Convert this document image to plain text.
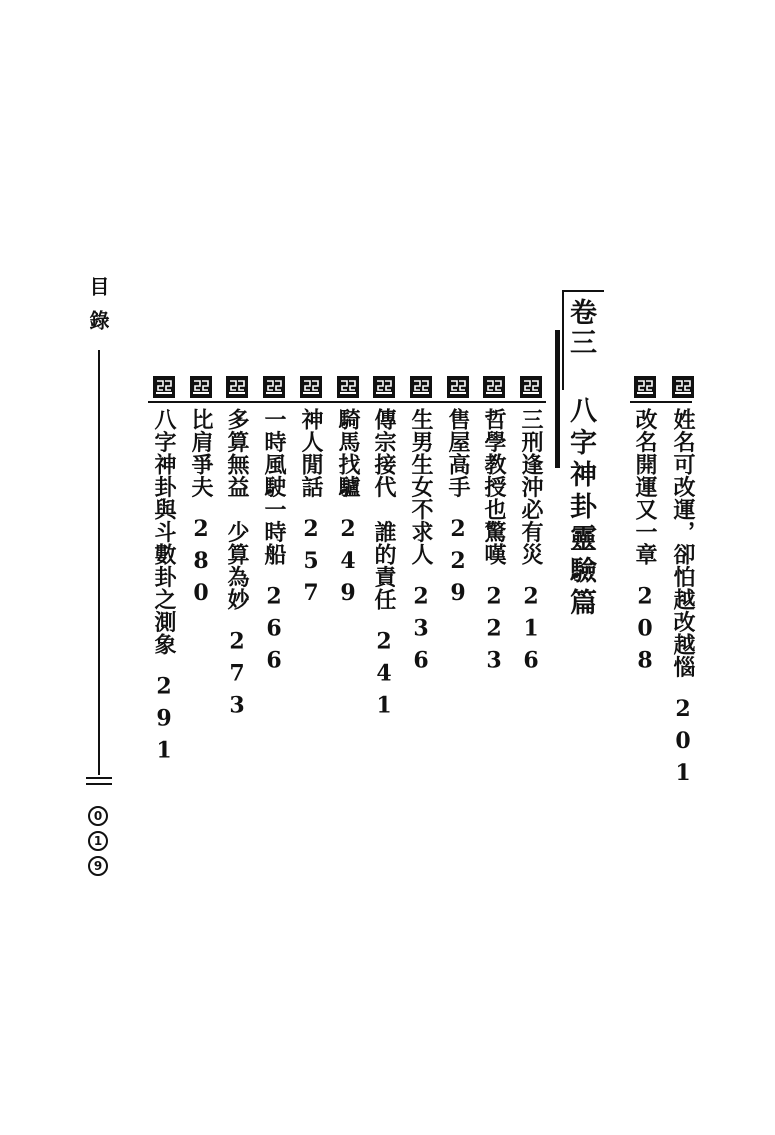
目錄
0
1
9
卷三
八字神卦靈驗篇	姓名可改運，卻怕越改越惱201
改名開運又一章208
三刑逢沖必有災216
哲學教授也驚嘆223
售屋高手229
生男生女不求人236
傳宗接代　誰的責任241
騎馬找驢249
神人閒話257
一時風駛一時船266
多算無益　少算為妙273
比肩爭夫280
八字神卦與斗數卦之測象291
